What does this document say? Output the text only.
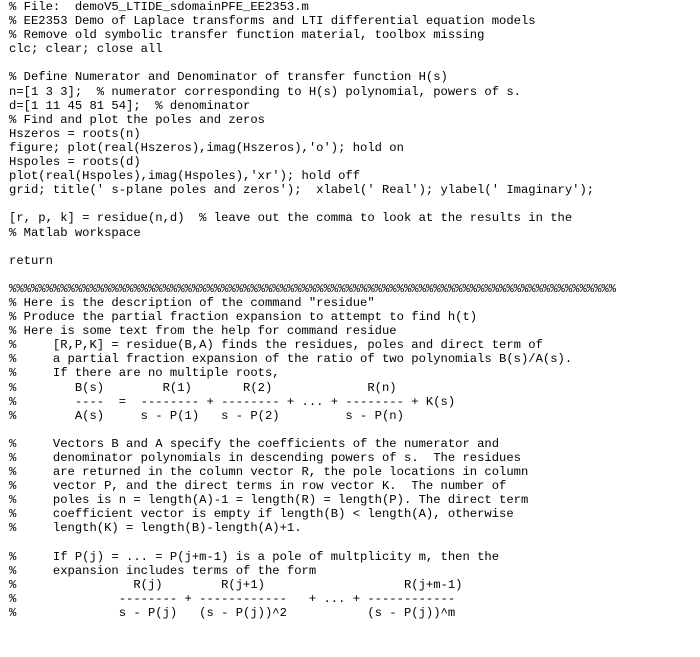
% File:  demoV5_LTIDE_sdomainPFE_EE2353.m
% EE2353 Demo of Laplace transforms and LTI differential equation models
% Remove old symbolic transfer function material, toolbox missing
clc; clear; close all
% Define Numerator and Denominator of transfer function H(s)
n=[1 3 3];  % numerator corresponding to H(s) polynomial, powers of s.
d=[1 11 45 81 54];  % denominator
% Find and plot the poles and zeros
Hszeros = roots(n)
figure; plot(real(Hszeros),imag(Hszeros),'o'); hold on
Hspoles = roots(d)
plot(real(Hspoles),imag(Hspoles),'xr'); hold off
grid; title(' s-plane poles and zeros');  xlabel(' Real'); ylabel(' Imaginary');
[r, p, k] = residue(n,d)  % leave out the comma to look at the results in the
% Matlab workspace
return
%%%%%%%%%%%%%%%%%%%%%%%%%%%%%%%%%%%%%%%%%%%%%%%%%%%%%%%%%%%%%%%%%%%%%%%%%%%%%%%%%%%
% Here is the description of the command "residue"
% Produce the partial fraction expansion to attempt to find h(t)
% Here is some text from the help for command residue
%     [R,P,K] = residue(B,A) finds the residues, poles and direct term of
%     a partial fraction expansion of the ratio of two polynomials B(s)/A(s).
%     If there are no multiple roots,
%        B(s)        R(1)       R(2)             R(n)
%        ----  =  -------- + -------- + ... + -------- + K(s)
%        A(s)     s - P(1)   s - P(2)         s - P(n)
%     Vectors B and A specify the coefficients of the numerator and
%     denominator polynomials in descending powers of s.  The residues
%     are returned in the column vector R, the pole locations in column
%     vector P, and the direct terms in row vector K.  The number of
%     poles is n = length(A)-1 = length(R) = length(P). The direct term
%     coefficient vector is empty if length(B) < length(A), otherwise
%     length(K) = length(B)-length(A)+1.
%     If P(j) = ... = P(j+m-1) is a pole of multplicity m, then the
%     expansion includes terms of the form
%                R(j)        R(j+1)                   R(j+m-1)
%              -------- + ------------   + ... + ------------
%              s - P(j)   (s - P(j))^2           (s - P(j))^m
